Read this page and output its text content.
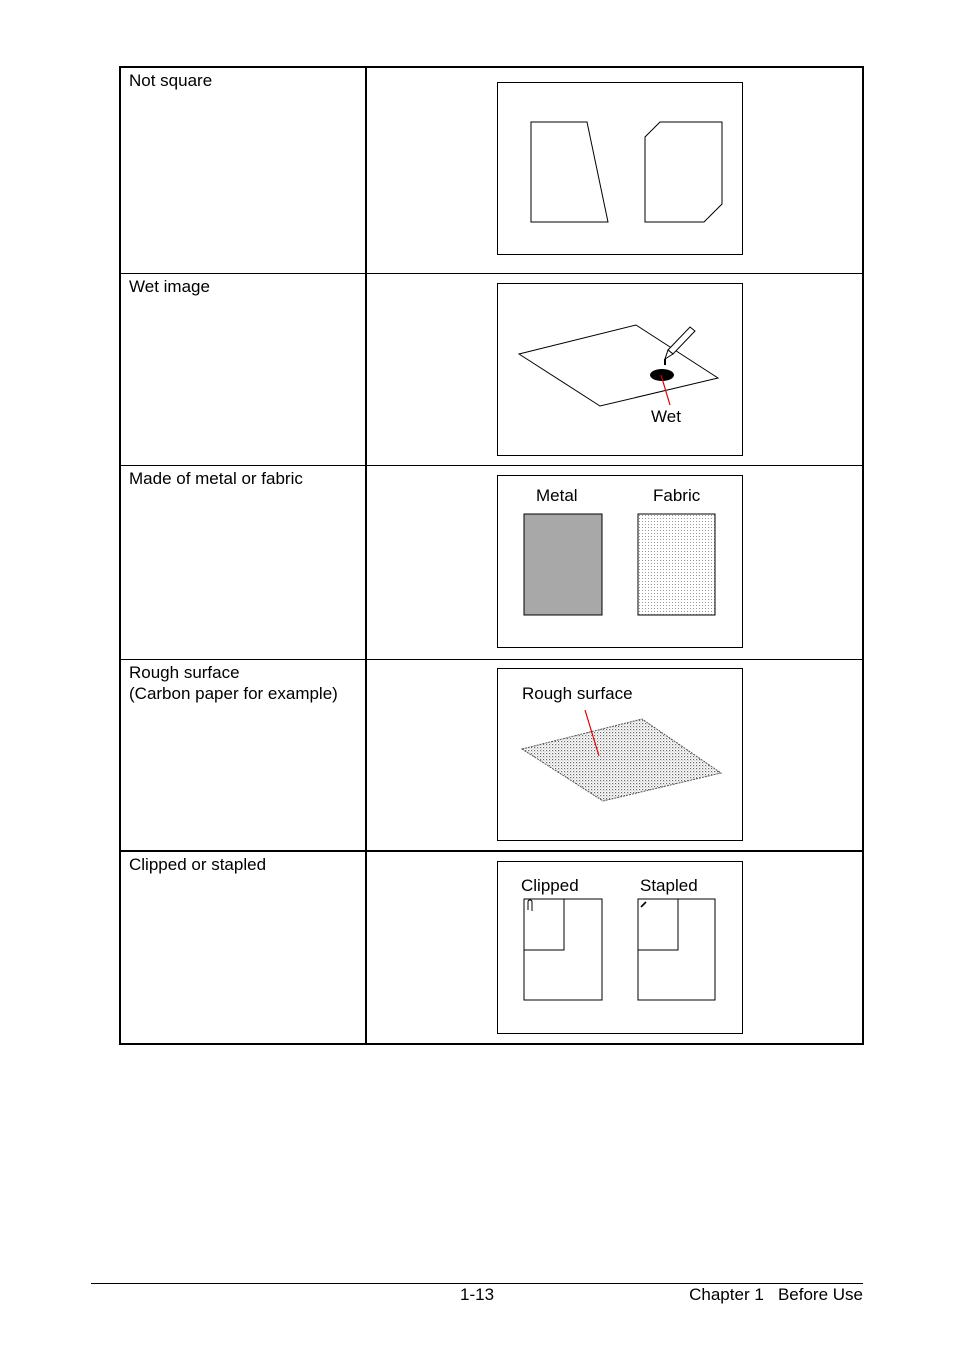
Not square

Wet image	Wet

Made of metal or fabric	Metal Fabric

Rough surface
(Carbon paper for example)	Rough surface

Clipped or stapled	Clipped Stapled
1-13	Chapter 1   Before Use
